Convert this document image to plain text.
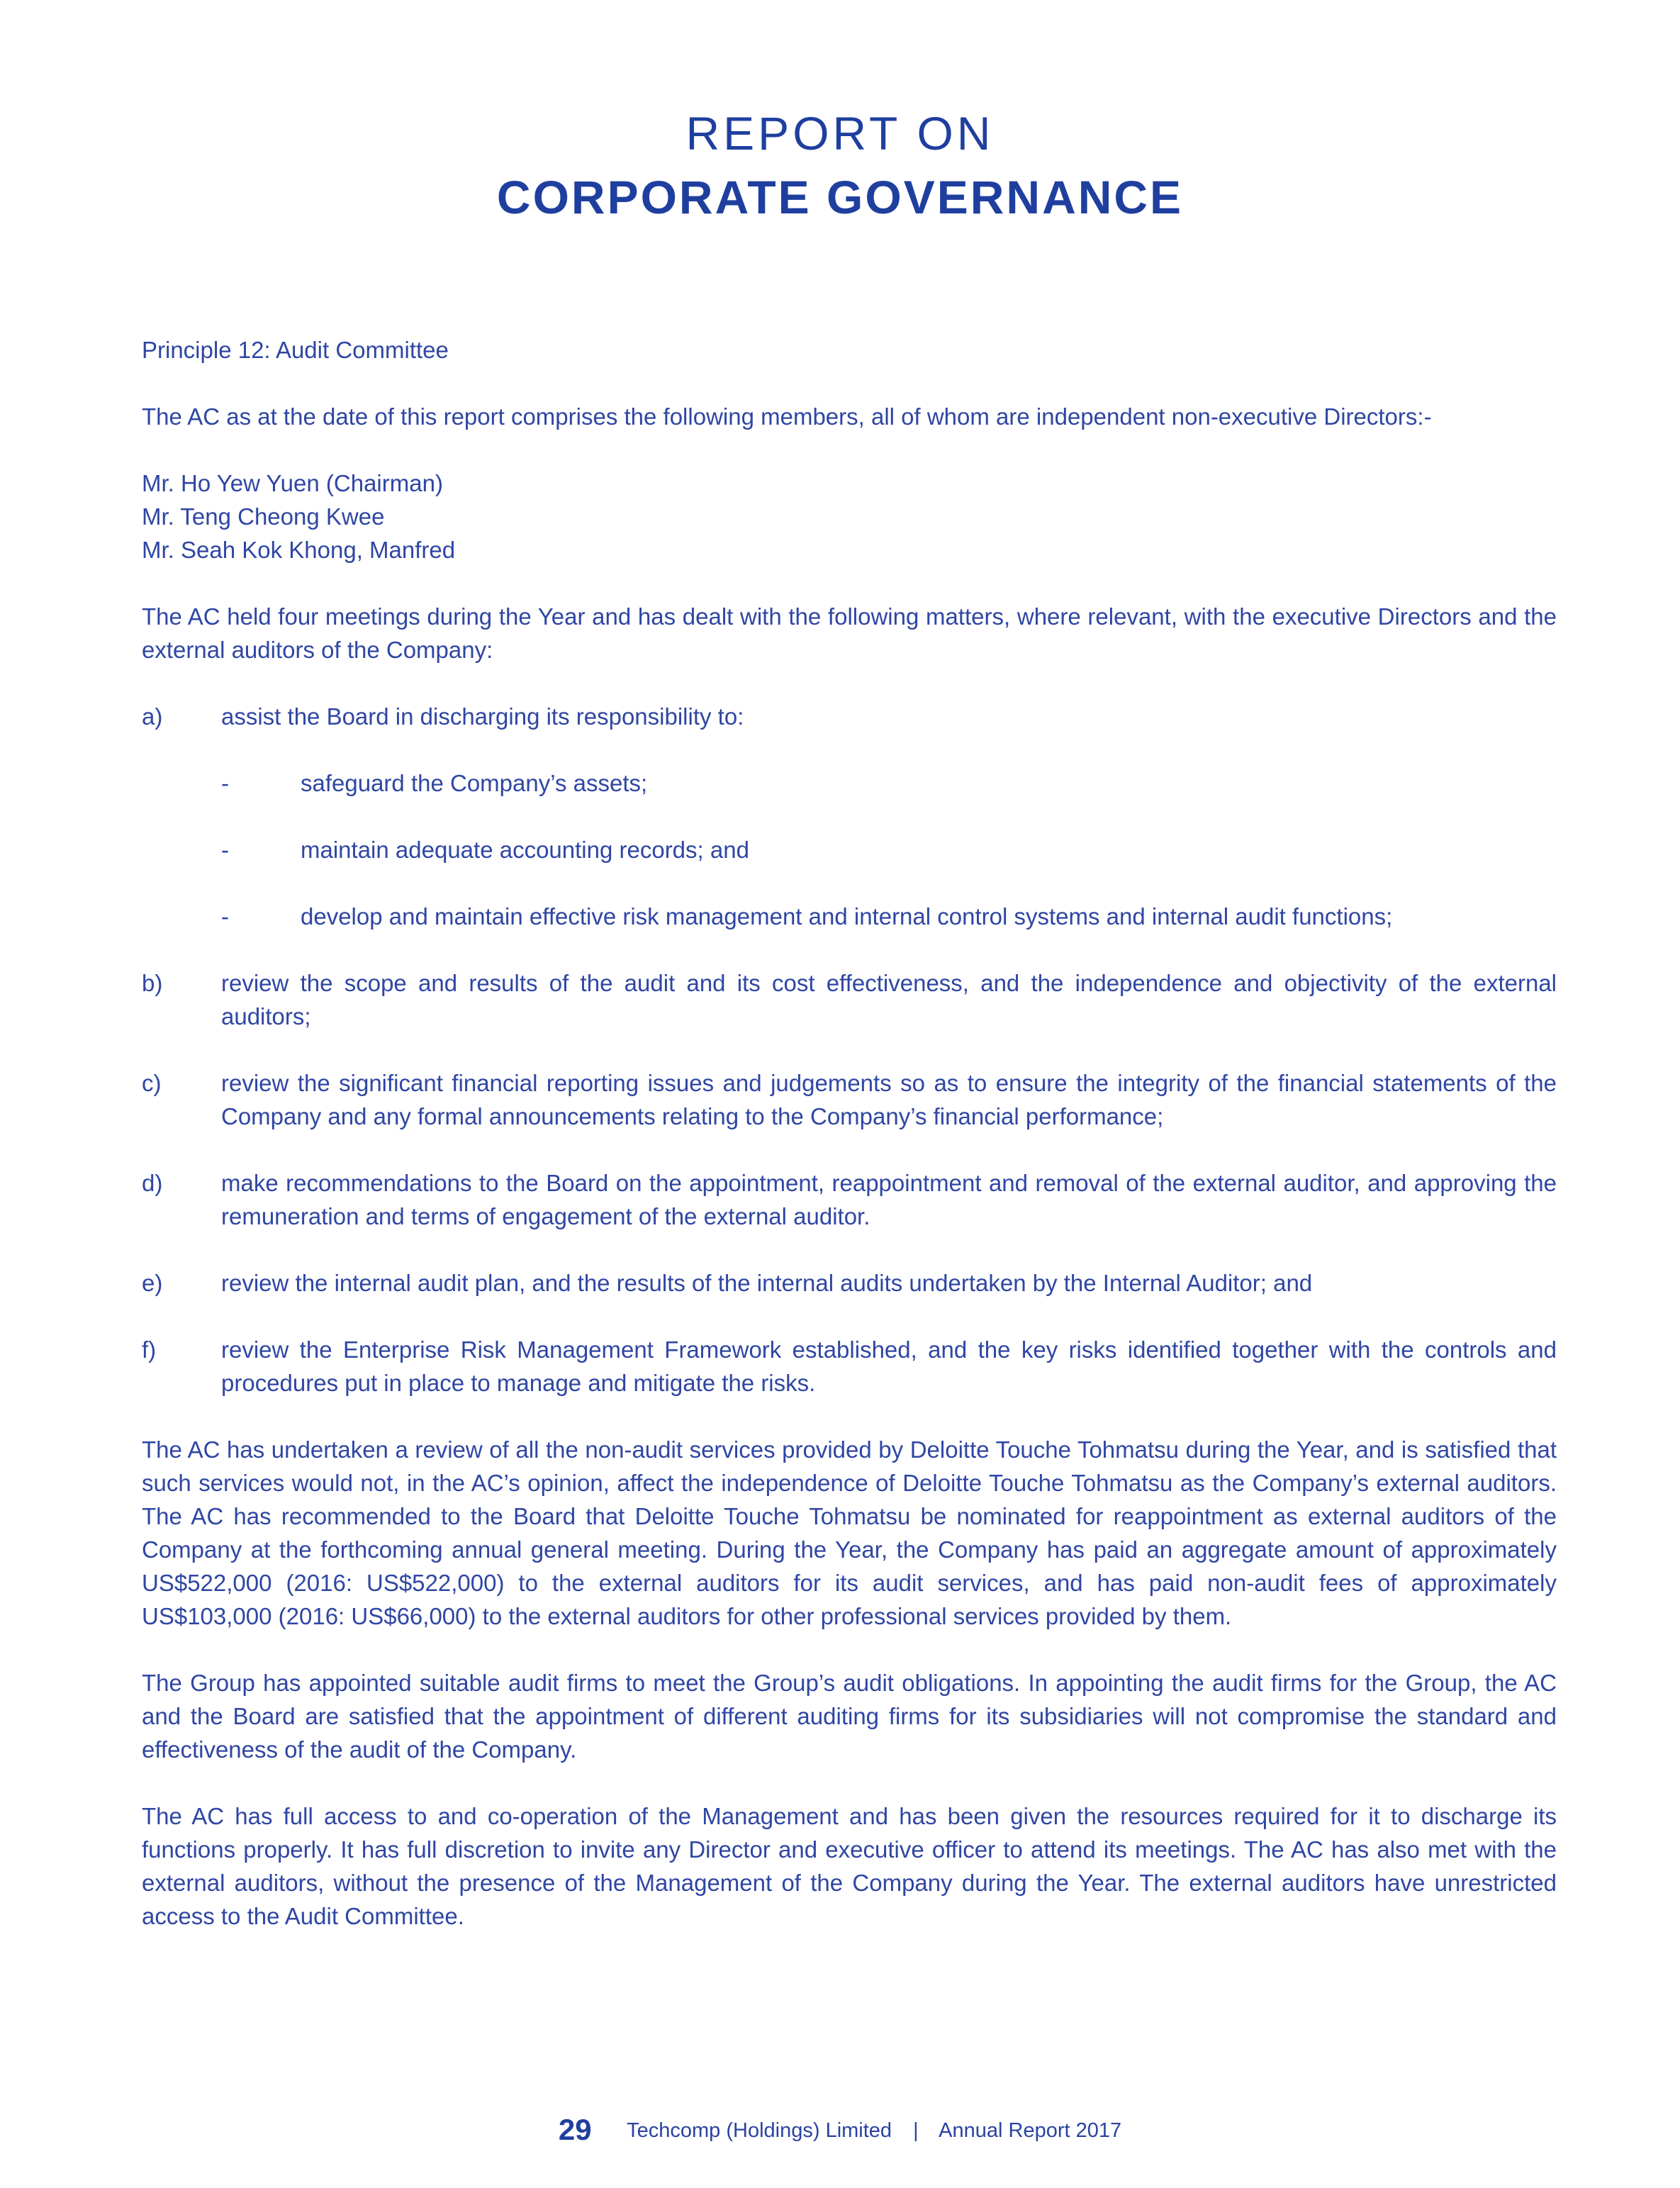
REPORT ON
CORPORATE GOVERNANCE

Principle 12: Audit Committee

The AC as at the date of this report comprises the following members, all of whom are independent non-executive Directors:-

Mr. Ho Yew Yuen (Chairman)

Mr. Teng Cheong Kwee

Mr. Seah Kok Khong, Manfred

The AC held four meetings during the Year and has dealt with the following matters, where relevant, with the executive Directors and the external auditors of the Company:

a)	assist the Board in discharging its responsibility to:
-	safeguard the Company’s assets;
-	maintain adequate accounting records; and
-	develop and maintain effective risk management and internal control systems and internal audit functions;
b)	review the scope and results of the audit and its cost effectiveness, and the independence and objectivity of the external auditors;
c)	review the significant financial reporting issues and judgements so as to ensure the integrity of the financial statements of the Company and any formal announcements relating to the Company’s financial performance;
d)	make recommendations to the Board on the appointment, reappointment and removal of the external auditor, and approving the remuneration and terms of engagement of the external auditor.
e)	review the internal audit plan, and the results of the internal audits undertaken by the Internal Auditor; and
f)	review the Enterprise Risk Management Framework established, and the key risks identified together with the controls and procedures put in place to manage and mitigate the risks.

The AC has undertaken a review of all the non-audit services provided by Deloitte Touche Tohmatsu during the Year, and is satisfied that such services would not, in the AC’s opinion, affect the independence of Deloitte Touche Tohmatsu as the Company’s external auditors. The AC has recommended to the Board that Deloitte Touche Tohmatsu be nominated for reappointment as external auditors of the Company at the forthcoming annual general meeting. During the Year, the Company has paid an aggregate amount of approximately US$522,000 (2016: US$522,000) to the external auditors for its audit services, and has paid non-audit fees of approximately US$103,000 (2016: US$66,000) to the external auditors for other professional services provided by them.

The Group has appointed suitable audit firms to meet the Group’s audit obligations. In appointing the audit firms for the Group, the AC and the Board are satisfied that the appointment of different auditing firms for its subsidiaries will not compromise the standard and effectiveness of the audit of the Company.

The AC has full access to and co-operation of the Management and has been given the resources required for it to discharge its functions properly. It has full discretion to invite any Director and executive officer to attend its meetings. The AC has also met with the external auditors, without the presence of the Management of the Company during the Year. The external auditors have unrestricted access to the Audit Committee.

29 Techcomp (Holdings) Limited | Annual Report 2017
